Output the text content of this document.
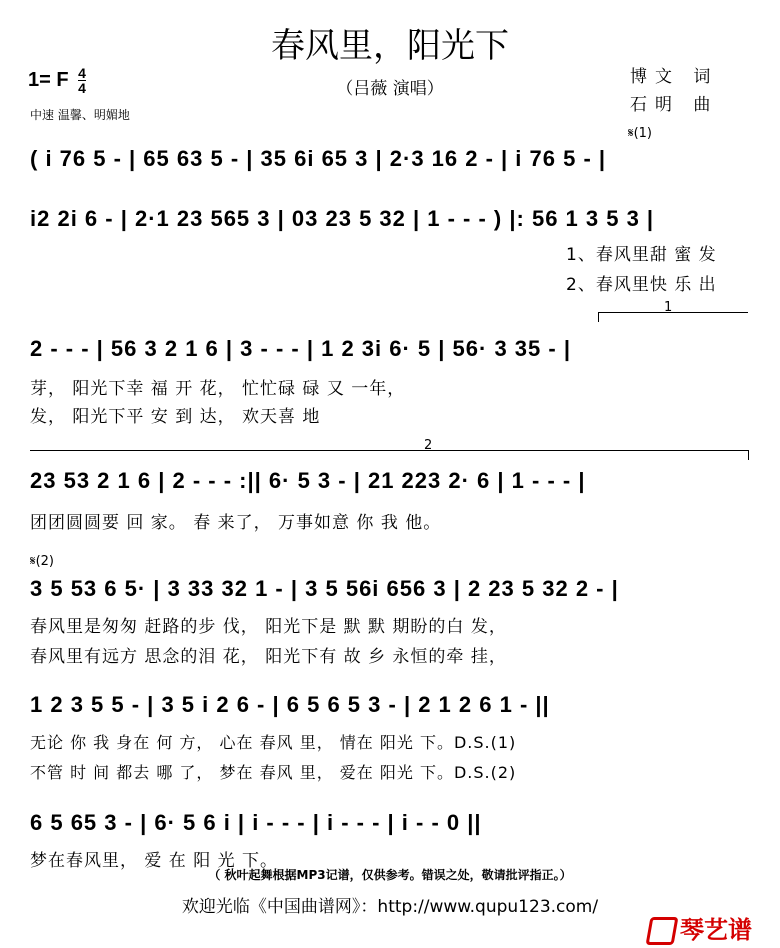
春风里，阳光下
（吕薇 演唱）
博文 词
石明 曲
1= F $\frac{4}{4}$
中速 温馨、明媚地
𝄋(1)
( i 76 5 - | 65 63 5 - | 35 6i 65 3 | 2·3 16 2 - | i 76 5 - |
i2 2i 6 - | 2·1 23 565 3 | 03 23 5 32 | 1 - - - ) |: 56 1 3 5 3 |
1、春风里甜 蜜 发
2、春风里快 乐 出
1
2 - - - | 56 3 2 1 6 | 3 - - - | 1 2 3i 6· 5 | 56· 3 35 - |
芽， 阳光下幸 福 开 花， 忙忙碌 碌 又 一年，
发， 阳光下平 安 到 达， 欢天喜 地
2
23 53 2 1 6 | 2 - - - :|| 6· 5 3 - | 21 223 2· 6 | 1 - - - |
团团圆圆要 回 家。 春 来了， 万事如意 你 我 他。
𝄋(2)
3 5 53 6 5· | 3 33 32 1 - | 3 5 56i 656 3 | 2 23 5 32 2 - |
春风里是匆匆 赶路的步 伐， 阳光下是 默 默 期盼的白 发，
春风里有远方 思念的泪 花， 阳光下有 故 乡 永恒的牵 挂，
1 2 3 5 5 - | 3 5 i 2 6 - | 6 5 6 5 3 - | 2 1 2 6 1 - ||
无论 你 我 身在 何 方， 心在 春风 里， 情在 阳光 下。D.S.(1)
不管 时 间 都去 哪 了， 梦在 春风 里， 爱在 阳光 下。D.S.(2)
6 5 65 3 - | 6· 5 6 i | i - - - | i - - - | i - - 0 ||
梦在春风里， 爱 在 阳 光 下。
（ 秋叶起舞根据MP3记谱，仅供参考。错误之处，敬请批评指正。）
欢迎光临《中国曲谱网》：http://www.qupu123.com/
琴艺谱
